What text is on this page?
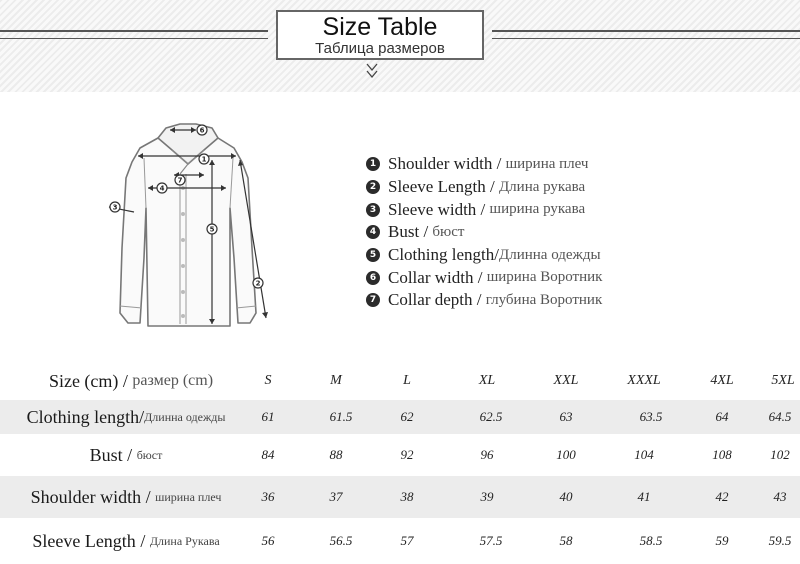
Size Table
Таблица размеров
6
1
7
4
3
5
2
1 Shoulder width / ширина плеч
2 Sleeve Length / Длина рукава
3 Sleeve width / ширина рукава
4 Bust / бюст
5 Clothing length / Длинна одежды
6 Collar width / ширина Воротник
7 Collar depth / глубина Воротник
Size (cm) / размер (cm)	S	M	L	XL	XXL	XXXL	4XL	5XL
Clothing length / Длинна одежды	61	61.5	62	62.5	63	63.5	64	64.5
Bust / бюст	84	88	92	96	100	104	108	102
Shoulder width / ширина плеч	36	37	38	39	40	41	42	43
Sleeve Length / Длина Рукава	56	56.5	57	57.5	58	58.5	59	59.5
